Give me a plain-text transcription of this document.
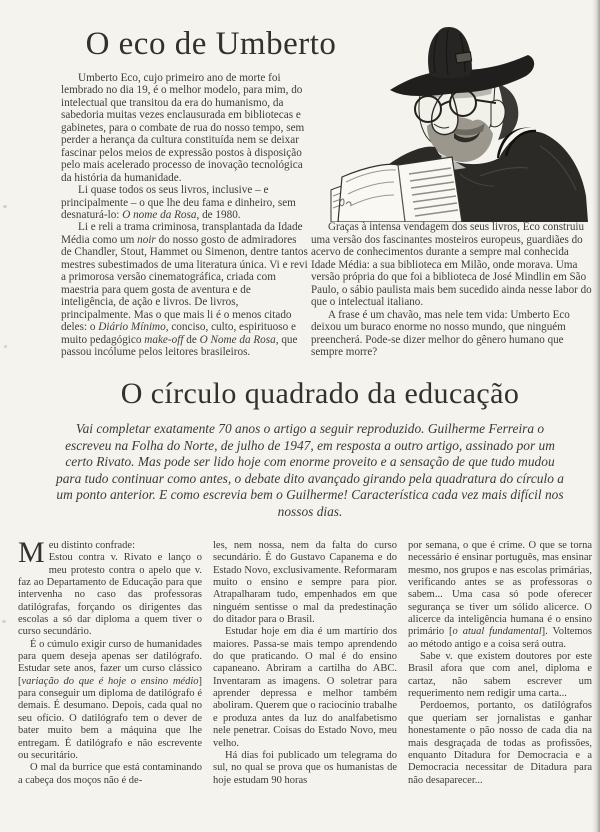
O eco de Umberto

Umberto Eco, cujo primeiro ano de morte foi lembrado no dia 19, é o melhor modelo, para mim, do intelectual que transitou da era do humanismo, da sabedoria muitas vezes enclausurada em bibliotecas e gabinetes, para o combate de rua do nosso tempo, sem perder a herança da cultura constituída nem se deixar fascinar pelos meios de expressão postos à disposição pelo mais acelerado processo de inovação tecnológica da história da humanidade.

Li quase todos os seus livros, inclusive – e principalmente – o que lhe deu fama e dinheiro, sem desnaturá-lo: O nome da Rosa, de 1980.

Li e reli a trama criminosa, transplantada da Idade Média como um noir do nosso gosto de admiradores de Chandler, Stout, Hammet ou Simenon, dentre tantos mestres subestimados de uma literatura única. Vi e revi a primorosa versão cinematográfica, criada com maestria para quem gosta de aventura e de inteligência, de ação e livros. De livros, principalmente. Mas o que mais li é o menos citado deles: o Diário Mínimo, conciso, culto, espirituoso e muito pedagógico make-off de O Nome da Rosa, que passou incólume pelos leitores brasileiros.

Graças à intensa vendagem dos seus livros, Eco construiu uma versão dos fascinantes mosteiros europeus, guardiães do acervo de conhecimentos durante a sempre mal conhecida Idade Média: a sua biblioteca em Milão, onde morava. Uma versão própria do que foi a biblioteca de José Mindlin em São Paulo, o sábio paulista mais bem sucedido ainda nesse labor do que o intelectual italiano.

A frase é um chavão, mas nele tem vida: Umberto Eco deixou um buraco enorme no nosso mundo, que ninguém preencherá. Pode-se dizer melhor do gênero humano que sempre morre?

O círculo quadrado da educação
Vai completar exatamente 70 anos o artigo a seguir reproduzido. Guilherme Ferreira o escreveu na Folha do Norte, de julho de 1947, em resposta a outro artigo, assinado por um certo Rivato. Mas pode ser lido hoje com enorme proveito e a sensação de que tudo mudou para tudo continuar como antes, o debate dito avançado girando pela quadratura do círculo a um ponto anterior. E como escrevia bem o Guilherme! Característica cada vez mais difícil nos nossos dias.

Meu distinto confrade:
Estou contra v. Rivato e lanço o meu protesto contra o apelo que v. faz ao Departamento de Educação para que intervenha no caso das professoras datilógrafas, forçando os dirigentes das escolas a só dar diploma a quem tiver o curso secundário.

É o cúmulo exigir curso de humanidades para quem deseja apenas ser datilógrafo. Estudar sete anos, fazer um curso clássico [variação do que é hoje o ensino médio] para conseguir um diploma de datilógrafo é demais. É desumano. Depois, cada qual no seu ofício. O datilógrafo tem o dever de bater muito bem a máquina que lhe entregam. É datilógrafo e não escrevente ou securitário.

O mal da burrice que está contaminando a cabeça dos moços não é de-

les, nem nossa, nem da falta do curso secundário. É do Gustavo Capanema e do Estado Novo, exclusivamente. Reformaram muito o ensino e sempre para pior. Atrapalharam tudo, empenhados em que ninguém sentisse o mal da predestinação do ditador para o Brasil.

Estudar hoje em dia é um martírio dos maiores. Passa-se mais tempo aprendendo do que praticando. O mal é do ensino capaneano. Abriram a cartilha do ABC. Inventaram as imagens. O soletrar para aprender depressa e melhor também aboliram. Querem que o raciocínio trabalhe e produza antes da luz do analfabetismo nele penetrar. Coisas do Estado Novo, meu velho.

Há dias foi publicado um telegrama do sul, no qual se prova que os humanistas de hoje estudam 90 horas

por semana, o que é crime. O que se torna necessário é ensinar português, mas ensinar mesmo, nos grupos e nas escolas primárias, verificando antes se as professoras o sabem... Uma casa só pode oferecer segurança se tiver um sólido alicerce. O alicerce da inteligência humana é o ensino primário [o atual fundamental]. Voltemos ao método antigo e a coisa será outra.

Sabe v. que existem doutores por este Brasil afora que com anel, diploma e cartaz, não sabem escrever um requerimento nem redigir uma carta...

Perdoemos, portanto, os datilógrafos que queriam ser jornalistas e ganhar honestamente o pão nosso de cada dia na mais desgraçada de todas as profissões, enquanto Ditadura for Democracia e a Democracia necessitar de Ditadura para não desaparecer...
